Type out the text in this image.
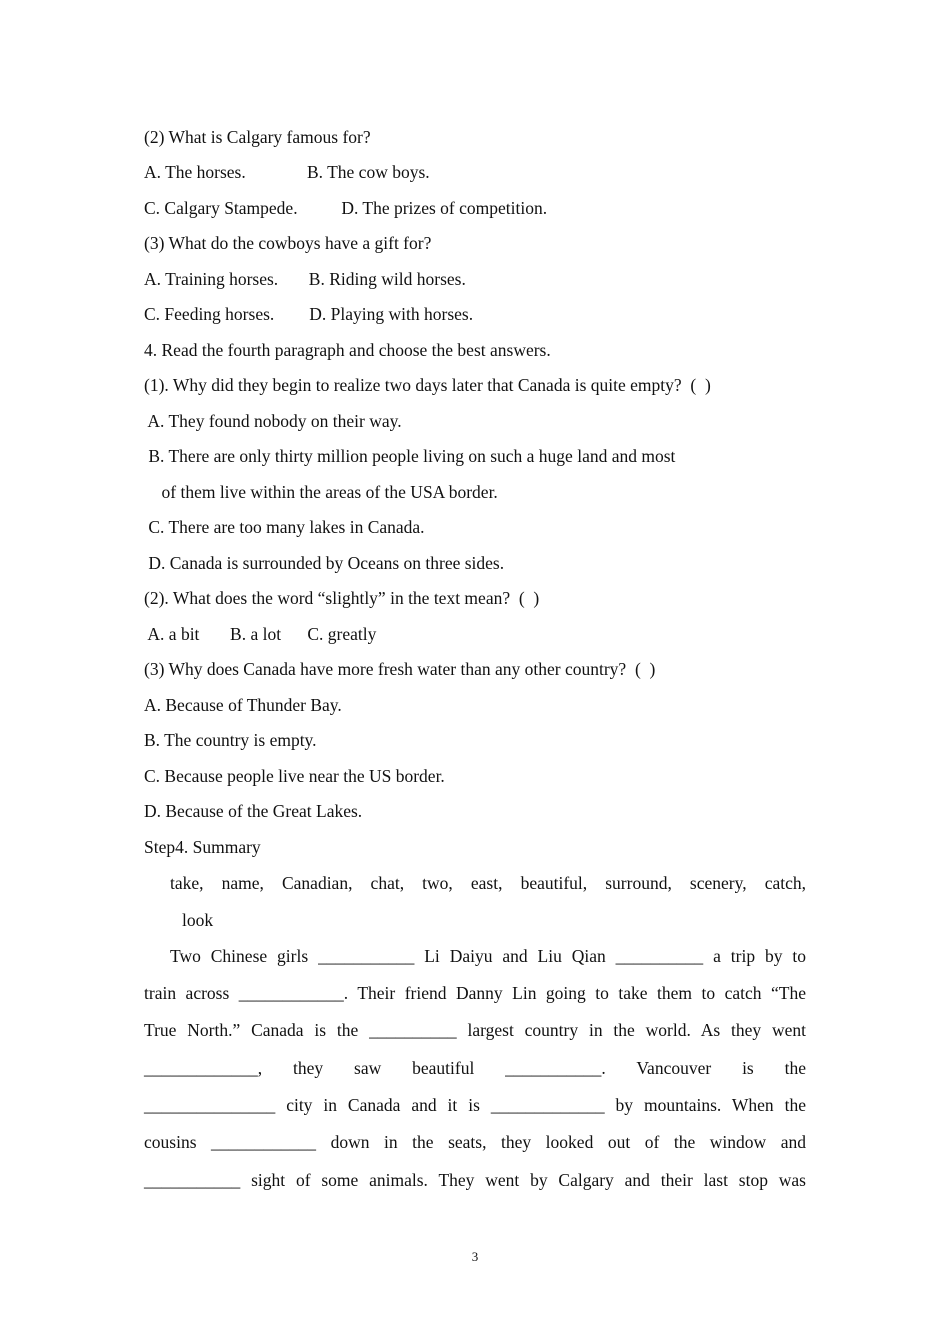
(2) What is Calgary famous for?
A. The horses.              B. The cow boys.
C. Calgary Stampede.          D. The prizes of competition.
(3) What do the cowboys have a gift for?
A. Training horses.       B. Riding wild horses.
C. Feeding horses.        D. Playing with horses.
4. Read the fourth paragraph and choose the best answers.
(1). Why did they begin to realize two days later that Canada is quite empty?  (  )
A. They found nobody on their way.
B. There are only thirty million people living on such a huge land and most
of them live within the areas of the USA border.
C. There are too many lakes in Canada.
D. Canada is surrounded by Oceans on three sides.
(2). What does the word “slightly” in the text mean?  (  )
A. a bit       B. a lot      C. greatly
(3) Why does Canada have more fresh water than any other country?  (  )
A. Because of Thunder Bay.
B. The country is empty.
C. Because people live near the US border.
D. Because of the Great Lakes.
Step4. Summary
take, name, Canadian, chat, two, east, beautiful, surround, scenery, catch,
look
Two Chinese girls ___________ Li Daiyu and Liu Qian __________ a trip by to
train across ____________. Their friend Danny Lin going to take them to catch “The
True North.” Canada is the __________ largest country in the world. As they went
_____________, they saw beautiful ___________. Vancouver is the
_______________ city in Canada and it is _____________ by mountains. When the
cousins ____________ down in the seats, they looked out of the window and
___________ sight of some animals. They went by Calgary and their last stop was
3
